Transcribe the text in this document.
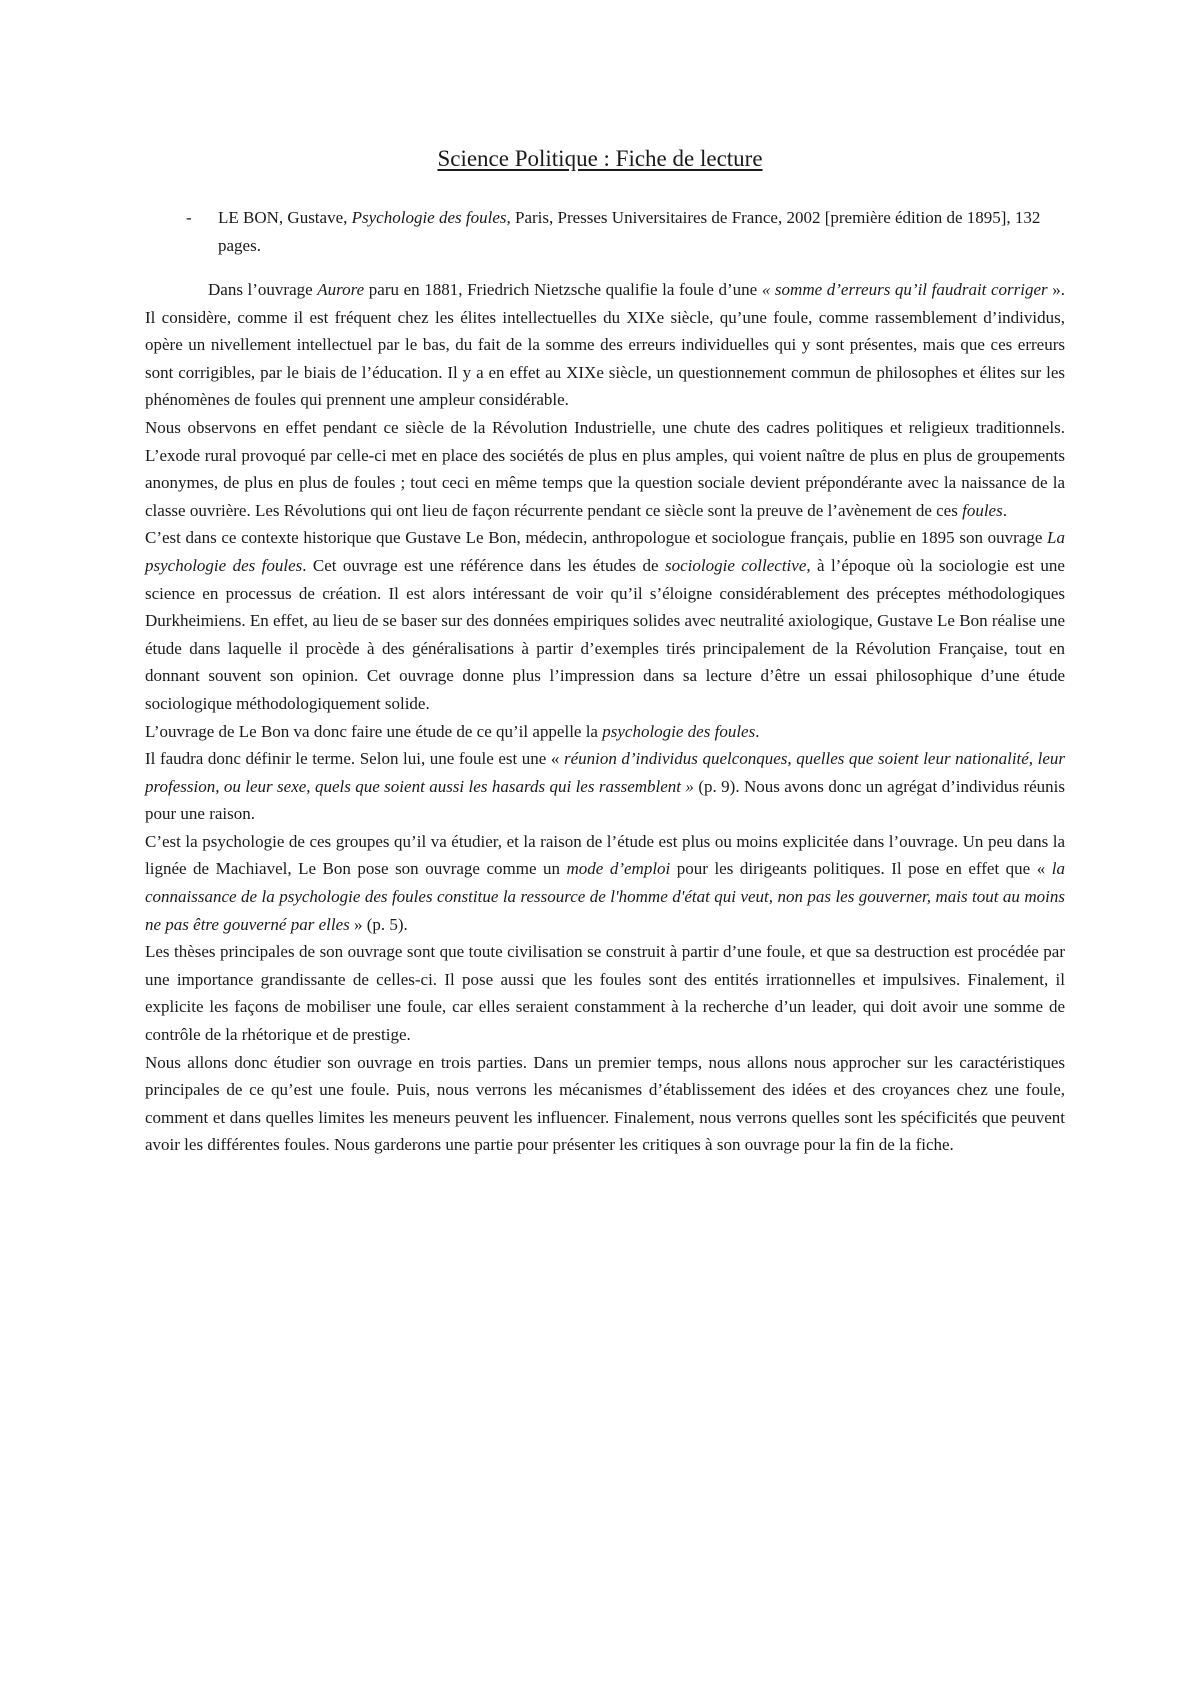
Science Politique : Fiche de lecture
- LE BON, Gustave, Psychologie des foules, Paris, Presses Universitaires de France, 2002 [première édition de 1895], 132 pages.

Dans l’ouvrage Aurore paru en 1881, Friedrich Nietzsche qualifie la foule d’une « somme d’erreurs qu’il faudrait corriger ». Il considère, comme il est fréquent chez les élites intellectuelles du XIXe siècle, qu’une foule, comme rassemblement d’individus, opère un nivellement intellectuel par le bas, du fait de la somme des erreurs individuelles qui y sont présentes, mais que ces erreurs sont corrigibles, par le biais de l’éducation. Il y a en effet au XIXe siècle, un questionnement commun de philosophes et élites sur les phénomènes de foules qui prennent une ampleur considérable.

Nous observons en effet pendant ce siècle de la Révolution Industrielle, une chute des cadres politiques et religieux traditionnels. L’exode rural provoqué par celle-ci met en place des sociétés de plus en plus amples, qui voient naître de plus en plus de groupements anonymes, de plus en plus de foules ; tout ceci en même temps que la question sociale devient prépondérante avec la naissance de la classe ouvrière. Les Révolutions qui ont lieu de façon récurrente pendant ce siècle sont la preuve de l’avènement de ces foules.

C’est dans ce contexte historique que Gustave Le Bon, médecin, anthropologue et sociologue français, publie en 1895 son ouvrage La psychologie des foules. Cet ouvrage est une référence dans les études de sociologie collective, à l’époque où la sociologie est une science en processus de création. Il est alors intéressant de voir qu’il s’éloigne considérablement des préceptes méthodologiques Durkheimiens. En effet, au lieu de se baser sur des données empiriques solides avec neutralité axiologique, Gustave Le Bon réalise une étude dans laquelle il procède à des généralisations à partir d’exemples tirés principalement de la Révolution Française, tout en donnant souvent son opinion. Cet ouvrage donne plus l’impression dans sa lecture d’être un essai philosophique d’une étude sociologique méthodologiquement solide.

L’ouvrage de Le Bon va donc faire une étude de ce qu’il appelle la psychologie des foules.

Il faudra donc définir le terme. Selon lui, une foule est une « réunion d’individus quelconques, quelles que soient leur nationalité, leur profession, ou leur sexe, quels que soient aussi les hasards qui les rassemblent » (p. 9). Nous avons donc un agrégat d’individus réunis pour une raison.

C’est la psychologie de ces groupes qu’il va étudier, et la raison de l’étude est plus ou moins explicitée dans l’ouvrage. Un peu dans la lignée de Machiavel, Le Bon pose son ouvrage comme un mode d’emploi pour les dirigeants politiques. Il pose en effet que « la connaissance de la psychologie des foules constitue la ressource de l'homme d'état qui veut, non pas les gouverner, mais tout au moins ne pas être gouverné par elles » (p. 5).

Les thèses principales de son ouvrage sont que toute civilisation se construit à partir d’une foule, et que sa destruction est procédée par une importance grandissante de celles-ci. Il pose aussi que les foules sont des entités irrationnelles et impulsives. Finalement, il explicite les façons de mobiliser une foule, car elles seraient constamment à la recherche d’un leader, qui doit avoir une somme de contrôle de la rhétorique et de prestige.

Nous allons donc étudier son ouvrage en trois parties. Dans un premier temps, nous allons nous approcher sur les caractéristiques principales de ce qu’est une foule. Puis, nous verrons les mécanismes d’établissement des idées et des croyances chez une foule, comment et dans quelles limites les meneurs peuvent les influencer. Finalement, nous verrons quelles sont les spécificités que peuvent avoir les différentes foules. Nous garderons une partie pour présenter les critiques à son ouvrage pour la fin de la fiche.
